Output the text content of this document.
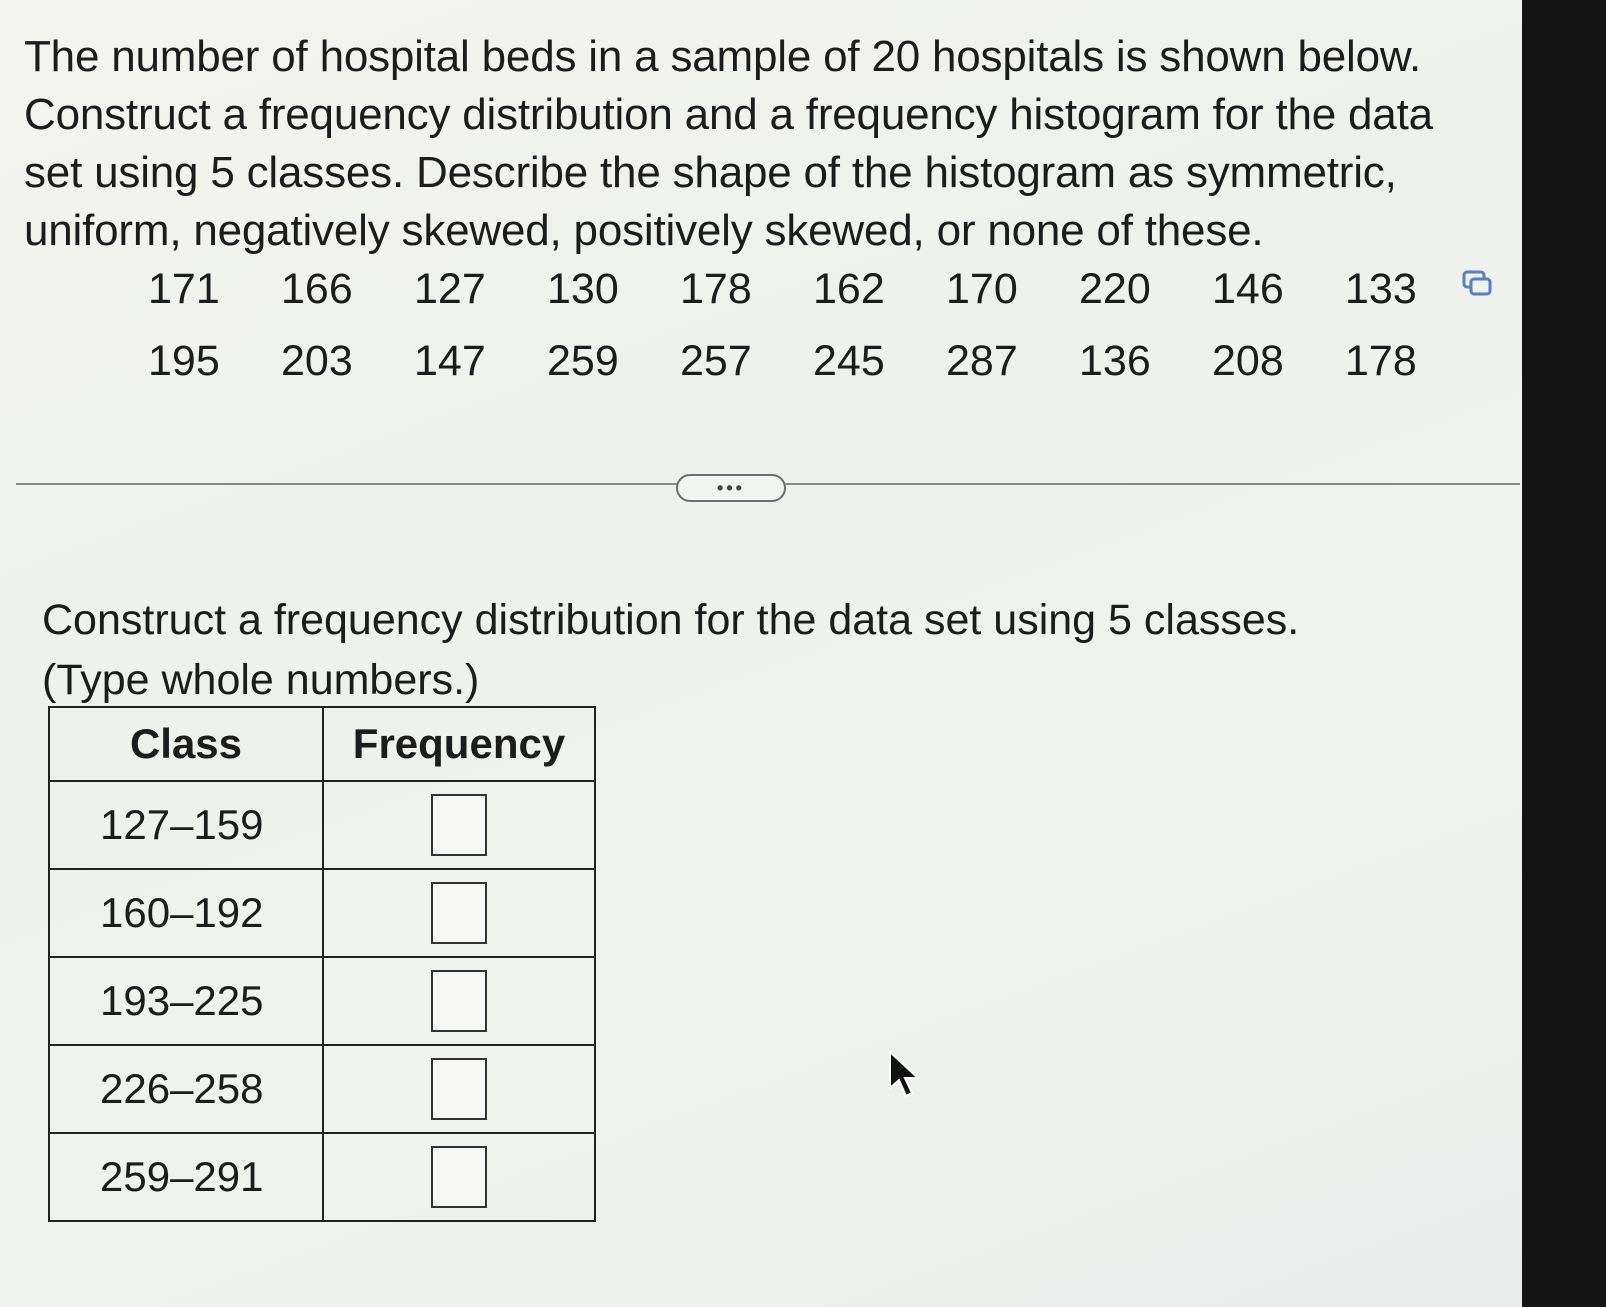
The number of hospital beds in a sample of 20 hospitals is shown below. Construct a frequency distribution and a frequency histogram for the data set using 5 classes. Describe the shape of the histogram as symmetric, uniform, negatively skewed, positively skewed, or none of these.
171	166	127	130	178	162	170	220	146	133
195	203	147	259	257	245	287	136	208	178
•••
Construct a frequency distribution for the data set using 5 classes.
(Type whole numbers.)
Class	Frequency
127–159	
160–192	
193–225	
226–258	
259–291	
